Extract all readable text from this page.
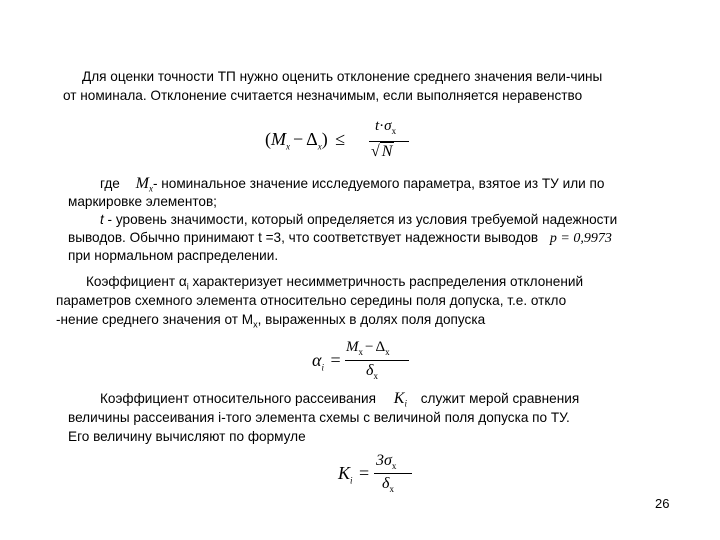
Для оценки точности ТП нужно оценить отклонение среднего значения вели-чины
от номинала. Отклонение считается незначимым, если выполняется неравенство
$(M_x - \Delta_x)$ ≤
$t\cdot\sigma_x$
√ N
где $M_x-$ номинальное значение исследуемого параметра, взятое из ТУ или по
маркировке элементов;
t - уровень значимости, который определяется из условия требуемой надежности
выводов. Обычно принимают t =3, что соответствует надежности выводов p = 0,9973
при нормальном распределении.
Коэффициент $\alpha_i$ характеризует несимметричность распределения отклонений
параметров схемного элемента относительно середины поля допуска, т.е. откло
-нение среднего значения от $M_x$, выраженных в долях поля допуска
$\alpha_i$ =
$M_x - \Delta_x$
$\delta_x$
Коэффициент относительного рассеивания $K_i$ служит мерой сравнения
величины рассеивания i-того элемента схемы с величиной поля допуска по ТУ.
Его величину вычисляют по формуле
$K_i$ =
$3\sigma_x$
$\delta_x$
26
